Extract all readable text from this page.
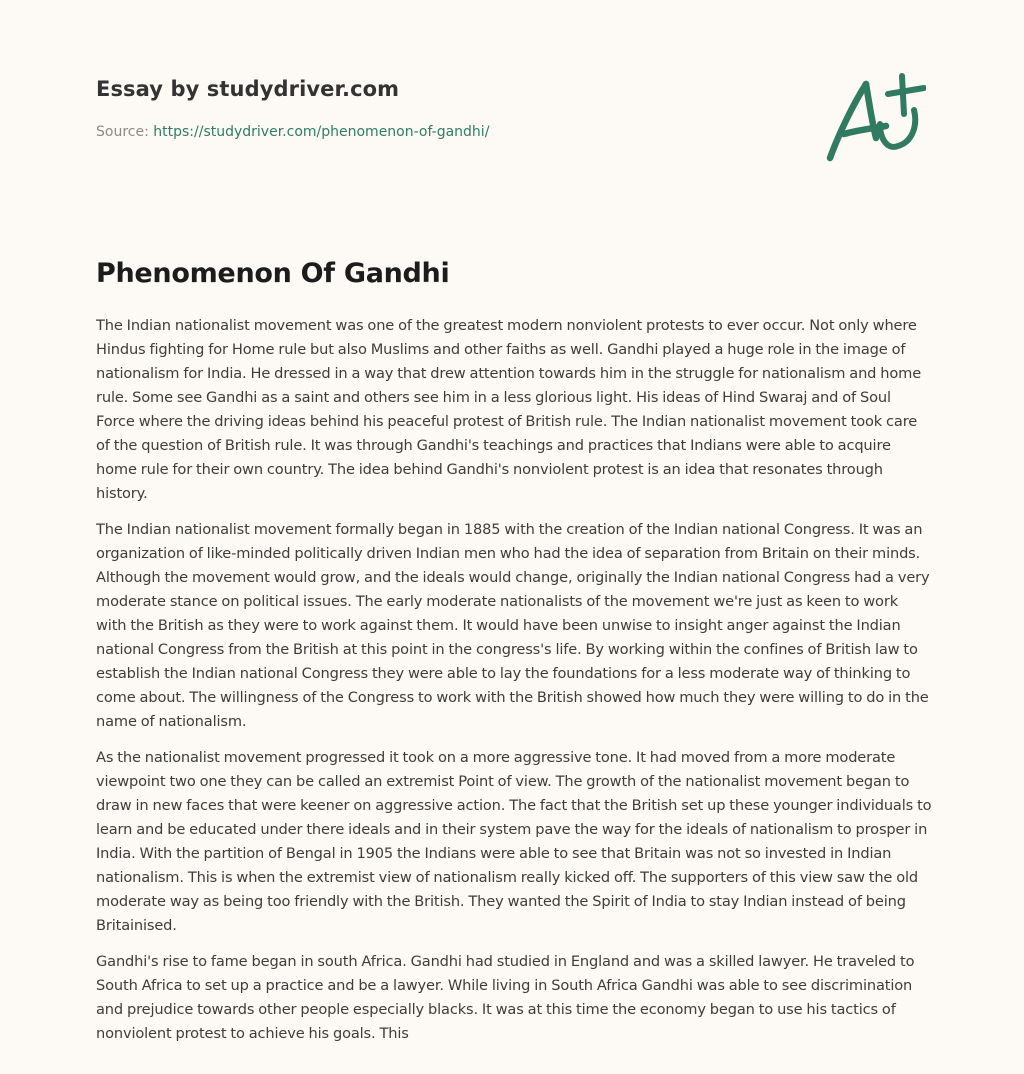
Essay by studydriver.com
Source: https://studydriver.com/phenomenon-of-gandhi/
Phenomenon Of Gandhi

The Indian nationalist movement was one of the greatest modern nonviolent protests to ever occur. Not only where Hindus fighting for Home rule but also Muslims and other faiths as well. Gandhi played a huge role in the image of nationalism for India. He dressed in a way that drew attention towards him in the struggle for nationalism and home rule. Some see Gandhi as a saint and others see him in a less glorious light. His ideas of Hind Swaraj and of Soul Force where the driving ideas behind his peaceful protest of British rule. The Indian nationalist movement took care of the question of British rule. It was through Gandhi's teachings and practices that Indians were able to acquire home rule for their own country. The idea behind Gandhi's nonviolent protest is an idea that resonates through history.

The Indian nationalist movement formally began in 1885 with the creation of the Indian national Congress. It was an organization of like-minded politically driven Indian men who had the idea of separation from Britain on their minds. Although the movement would grow, and the ideals would change, originally the Indian national Congress had a very moderate stance on political issues. The early moderate nationalists of the movement we're just as keen to work with the British as they were to work against them. It would have been unwise to insight anger against the Indian national Congress from the British at this point in the congress's life. By working within the confines of British law to establish the Indian national Congress they were able to lay the foundations for a less moderate way of thinking to come about. The willingness of the Congress to work with the British showed how much they were willing to do in the name of nationalism.

As the nationalist movement progressed it took on a more aggressive tone. It had moved from a more moderate viewpoint two one they can be called an extremist Point of view. The growth of the nationalist movement began to draw in new faces that were keener on aggressive action. The fact that the British set up these younger individuals to learn and be educated under there ideals and in their system pave the way for the ideals of nationalism to prosper in India. With the partition of Bengal in 1905 the Indians were able to see that Britain was not so invested in Indian nationalism. This is when the extremist view of nationalism really kicked off. The supporters of this view saw the old moderate way as being too friendly with the British. They wanted the Spirit of India to stay Indian instead of being Britainised.

Gandhi's rise to fame began in south Africa. Gandhi had studied in England and was a skilled lawyer. He traveled to South Africa to set up a practice and be a lawyer. While living in South Africa Gandhi was able to see discrimination and prejudice towards other people especially blacks. It was at this time the economy began to use his tactics of nonviolent protest to achieve his goals. This
